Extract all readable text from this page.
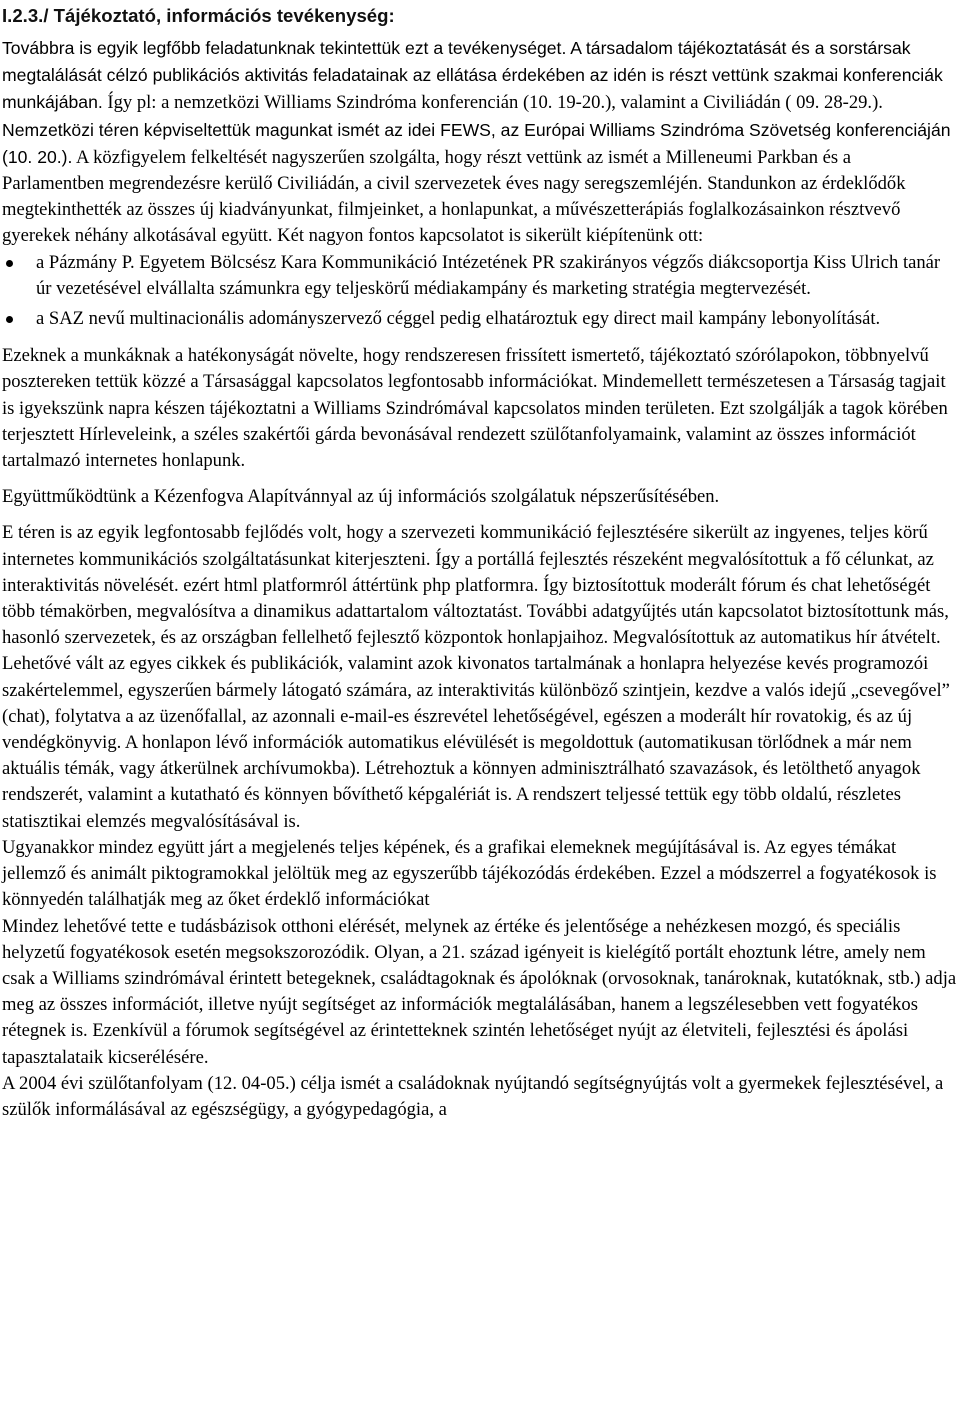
I.2.3./ Tájékoztató, információs tevékenység:

Továbbra is egyik legfőbb feladatunknak tekintettük ezt a tevékenységet. A társadalom tájékoztatását és a sorstársak megtalálását célzó publikációs aktivitás feladatainak az ellátása érdekében az idén is részt vettünk szakmai konferenciák munkájában. Így pl: a nemzetközi Williams Szindróma konferencián (10. 19-20.), valamint a Civiliádán ( 09. 28-29.). Nemzetközi téren képviseltettük magunkat ismét az idei FEWS, az Európai Williams Szindróma Szövetség konferenciáján (10. 20.). A közfigyelem felkeltését nagyszerűen szolgálta, hogy részt vettünk az ismét a Milleneumi Parkban és a Parlamentben megrendezésre kerülő Civiliádán, a civil szervezetek éves nagy seregszemléjén. Standunkon az érdeklődők megtekinthették az összes új kiadványunkat, filmjeinket, a honlapunkat, a művészetterápiás foglalkozásainkon résztvevő gyerekek néhány alkotásával együtt. Két nagyon fontos kapcsolatot is sikerült kiépítenünk ott:

a Pázmány P. Egyetem Bölcsész Kara Kommunikáció Intézetének PR szakirányos végzős diákcsoportja Kiss Ulrich tanár úr vezetésével elvállalta számunkra egy teljeskörű médiakampány és marketing stratégia megtervezését.
a SAZ nevű multinacionális adományszervező céggel pedig elhatároztuk egy direct mail kampány lebonyolítását.

Ezeknek a munkáknak a hatékonyságát növelte, hogy rendszeresen frissített ismertető, tájékoztató szórólapokon, többnyelvű posztereken tettük közzé a Társasággal kapcsolatos legfontosabb információkat. Mindemellett természetesen a Társaság tagjait is igyekszünk napra készen tájékoztatni a Williams Szindrómával kapcsolatos minden területen. Ezt szolgálják a tagok körében terjesztett Hírleveleink, a széles szakértői gárda bevonásával rendezett szülőtanfolyamaink, valamint az összes információt tartalmazó internetes honlapunk.

Együttműködtünk a Kézenfogva Alapítvánnyal az új információs szolgálatuk népszerűsítésében.

E téren is az egyik legfontosabb fejlődés volt, hogy a szervezeti kommunikáció fejlesztésére sikerült az ingyenes, teljes körű internetes kommunikációs szolgáltatásunkat kiterjeszteni. Így a portállá fejlesztés részeként megvalósítottuk a fő célunkat, az interaktivitás növelését. ezért html platformról áttértünk php platformra. Így biztosítottuk moderált fórum és chat lehetőségét több témakörben, megvalósítva a dinamikus adattartalom változtatást. További adatgyűjtés után kapcsolatot biztosítottunk más, hasonló szervezetek, és az országban fellelhető fejlesztő központok honlapjaihoz. Megvalósítottuk az automatikus hír átvételt. Lehetővé vált az egyes cikkek és publikációk, valamint azok kivonatos tartalmának a honlapra helyezése kevés programozói szakértelemmel, egyszerűen bármely látogató számára, az interaktivitás különböző szintjein, kezdve a valós idejű „csevegővel” (chat), folytatva a az üzenőfallal, az azonnali e-mail-es észrevétel lehetőségével, egészen a moderált hír rovatokig, és az új vendégkönyvig. A honlapon lévő információk automatikus elévülését is megoldottuk (automatikusan törlődnek a már nem aktuális témák, vagy átkerülnek archívumokba). Létrehoztuk a könnyen adminisztrálható szavazások, és letölthető anyagok rendszerét, valamint a kutatható és könnyen bővíthető képgalériát is. A rendszert teljessé tettük egy több oldalú, részletes statisztikai elemzés megvalósításával is.

Ugyanakkor mindez együtt járt a megjelenés teljes képének, és a grafikai elemeknek megújításával is. Az egyes témákat jellemző és animált piktogramokkal jelöltük meg az egyszerűbb tájékozódás érdekében. Ezzel a módszerrel a fogyatékosok is könnyedén találhatják meg az őket érdeklő információkat

Mindez lehetővé tette e tudásbázisok otthoni elérését, melynek az értéke és jelentősége a nehézkesen mozgó, és speciális helyzetű fogyatékosok esetén megsokszorozódik. Olyan, a 21. század igényeit is kielégítő portált ehoztunk létre, amely nem csak a Williams szindrómával érintett betegeknek, családtagoknak és ápolóknak (orvosoknak, tanároknak, kutatóknak, stb.) adja meg az összes információt, illetve nyújt segítséget az információk megtalálásában, hanem a legszélesebben vett fogyatékos rétegnek is. Ezenkívül a fórumok segítségével az érintetteknek szintén lehetőséget nyújt az életviteli, fejlesztési és ápolási tapasztalataik kicserélésére.

A 2004 évi szülőtanfolyam (12. 04-05.) célja ismét a családoknak nyújtandó segítségnyújtás volt a gyermekek fejlesztésével, a szülők informálásával az egészségügy, a gyógypedagógia, a
